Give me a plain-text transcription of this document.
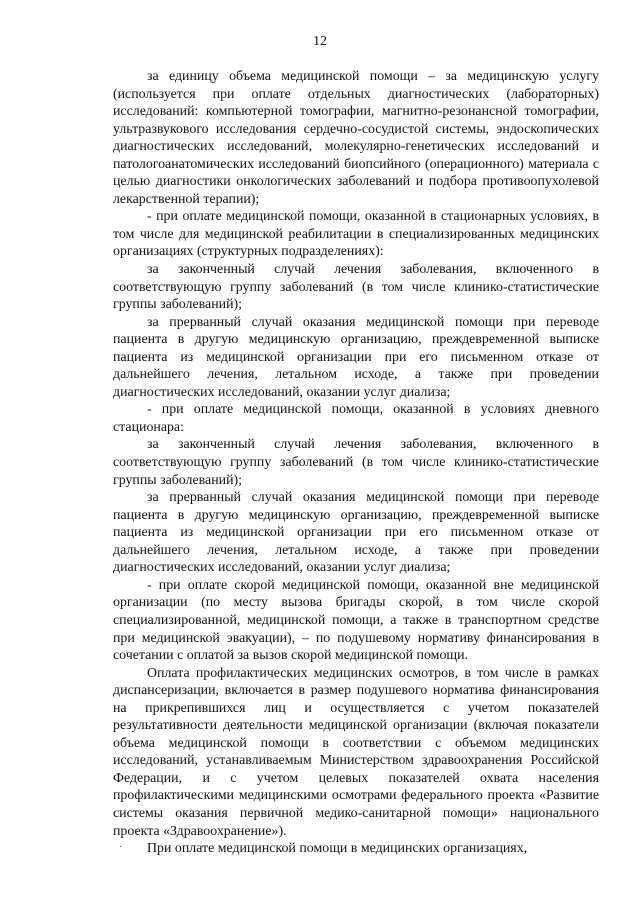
12

за единицу объема медицинской помощи – за медицинскую услугу (используется при оплате отдельных диагностических (лабораторных) исследований: компьютерной томографии, магнитно-резонансной томографии, ультразвукового исследования сердечно-сосудистой системы, эндоскопических диагностических исследований, молекулярно-генетических исследований и патологоанатомических исследований биопсийного (операционного) материала с целью диагностики онкологических заболеваний и подбора противоопухолевой лекарственной терапии);

- при оплате медицинской помощи, оказанной в стационарных условиях, в том числе для медицинской реабилитации в специализированных медицинских организациях (структурных подразделениях):

за законченный случай лечения заболевания, включенного в соответствующую группу заболеваний (в том числе клинико-статистические группы заболеваний);

за прерванный случай оказания медицинской помощи при переводе пациента в другую медицинскую организацию, преждевременной выписке пациента из медицинской организации при его письменном отказе от дальнейшего лечения, летальном исходе, а также при проведении диагностических исследований, оказании услуг диализа;

- при оплате медицинской помощи, оказанной в условиях дневного стационара:

за законченный случай лечения заболевания, включенного в соответствующую группу заболеваний (в том числе клинико-статистические группы заболеваний);

за прерванный случай оказания медицинской помощи при переводе пациента в другую медицинскую организацию, преждевременной выписке пациента из медицинской организации при его письменном отказе от дальнейшего лечения, летальном исходе, а также при проведении диагностических исследований, оказании услуг диализа;

- при оплате скорой медицинской помощи, оказанной вне медицинской организации (по месту вызова бригады скорой, в том числе скорой специализированной, медицинской помощи, а также в транспортном средстве при медицинской эвакуации), – по подушевому нормативу финансирования в сочетании с оплатой за вызов скорой медицинской помощи.

Оплата профилактических медицинских осмотров, в том числе в рамках диспансеризации, включается в размер подушевого норматива финансирования на прикрепившихся лиц и осуществляется с учетом показателей результативности деятельности медицинской организации (включая показатели объема медицинской помощи в соответствии с объемом медицинских исследований, устанавливаемым Министерством здравоохранения Российской Федерации, и с учетом целевых показателей охвата населения профилактическими медицинскими осмотрами федерального проекта «Развитие системы оказания первичной медико-санитарной помощи» национального проекта «Здравоохранение»).

При оплате медицинской помощи в медицинских организациях,

·
